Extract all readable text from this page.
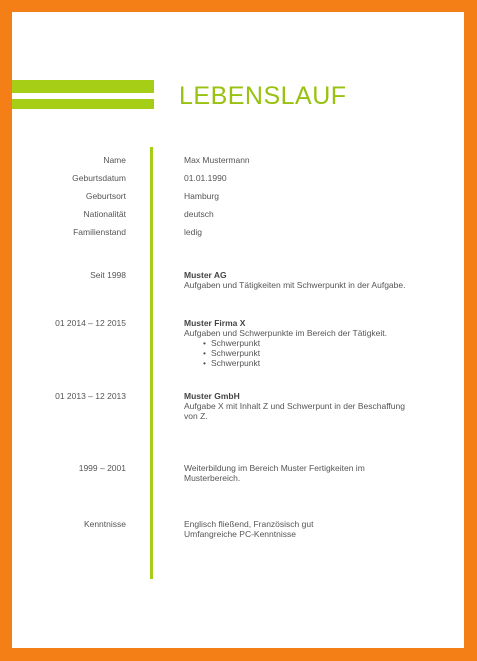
LEBENSLAUF
Name	Max Mustermann
Geburtsdatum	01.01.1990
Geburtsort	Hamburg
Nationalität	deutsch
Familienstand	ledig
Seit 1998	Muster AG
Aufgaben und Tätigkeiten mit Schwerpunkt in der Aufgabe.
01 2014 – 12 2015	Muster Firma X
Aufgaben und Schwerpunkte im Bereich der Tätigkeit.
• Schwerpunkt
• Schwerpunkt
• Schwerpunkt
01 2013 – 12 2013	Muster GmbH
Aufgabe X mit Inhalt Z und Schwerpunt in der Beschaffung von Z.
1999 – 2001	Weiterbildung im Bereich Muster Fertigkeiten im Musterbereich.
Kenntnisse	Englisch fließend, Französisch gut
Umfangreiche PC-Kenntnisse
